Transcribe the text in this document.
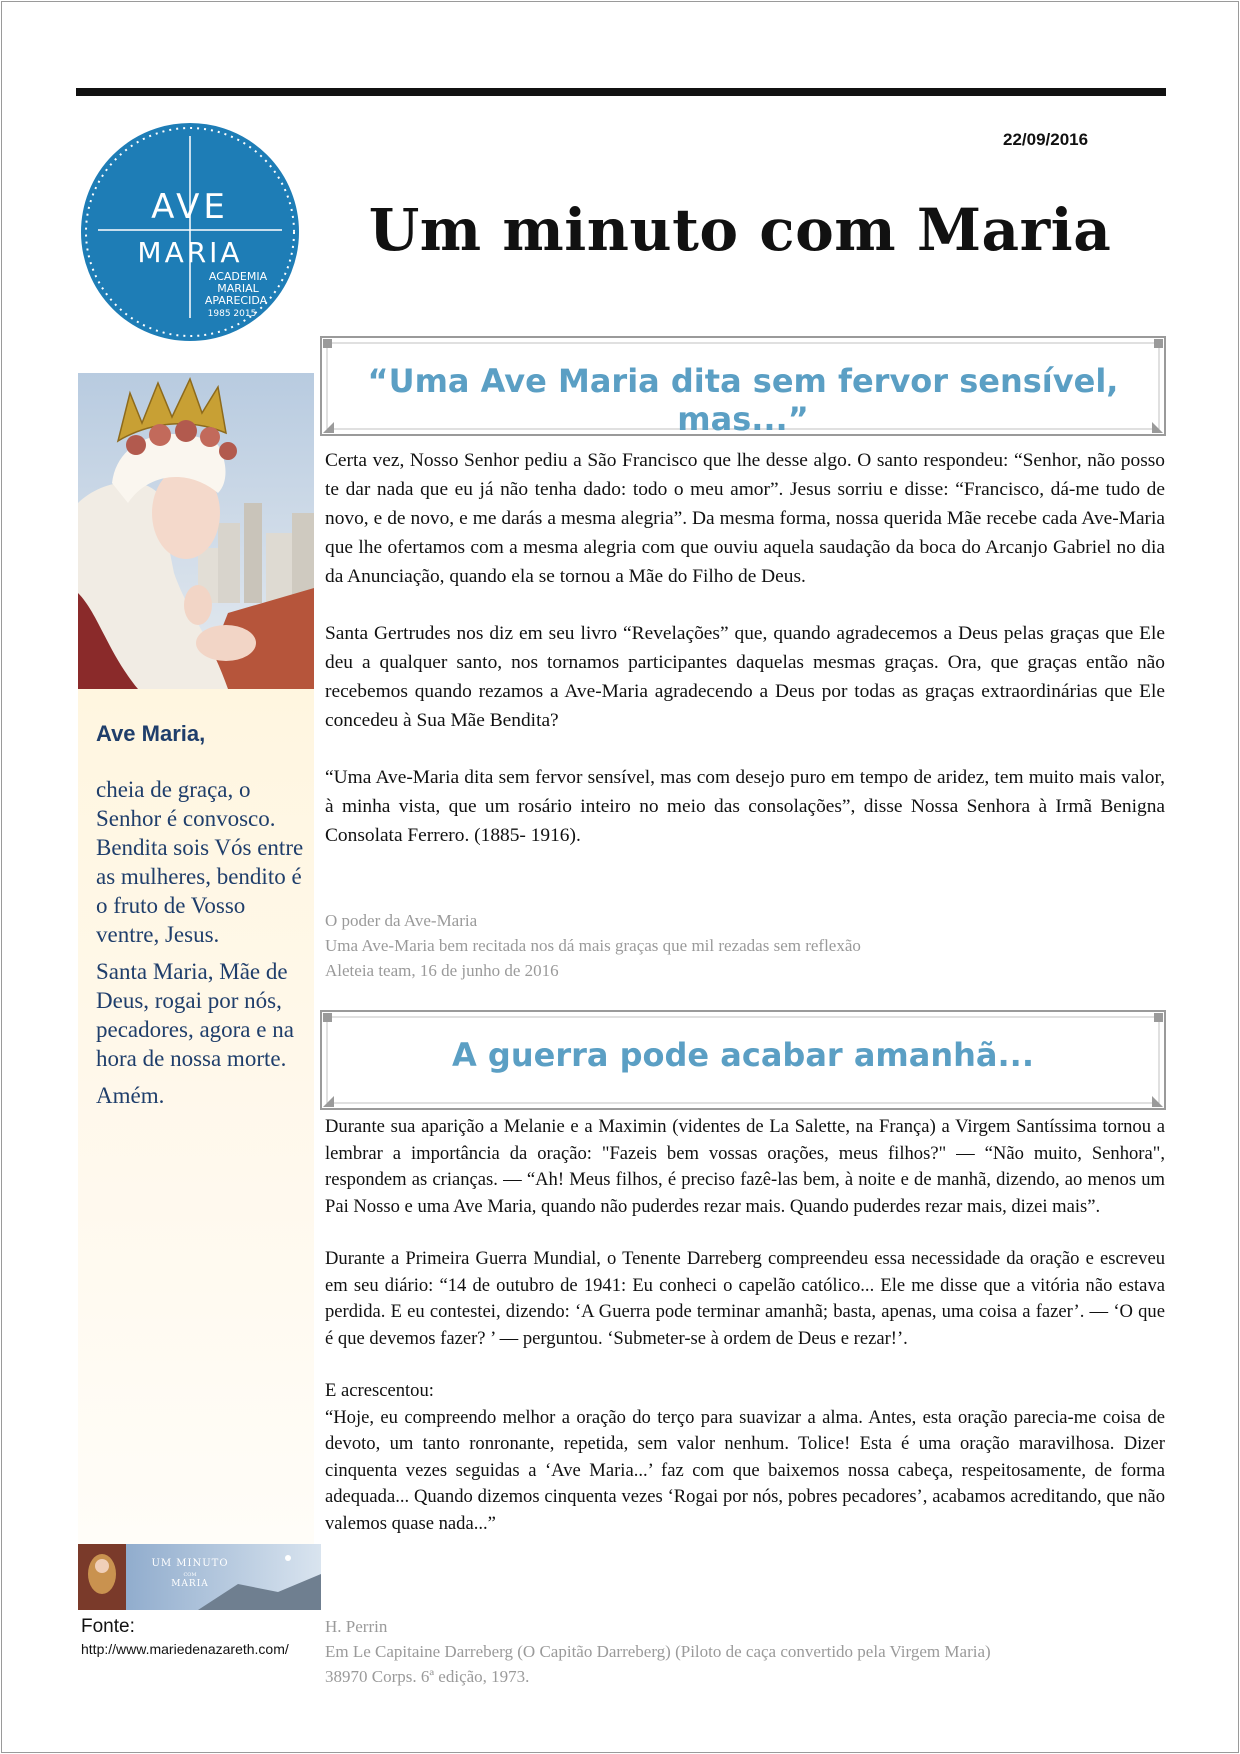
AVE
MARIA
ACADEMIA
MARIAL
APARECIDA
1985 2015
22/09/2016
Um minuto com Maria
Ave Maria,

cheia de graça, o Senhor é convosco. Bendita sois Vós entre as mulheres, bendito é o fruto de Vosso ventre, Jesus.

Santa Maria, Mãe de Deus, rogai por nós, pecadores, agora e na hora de nossa morte.

Amém.

UM MINUTO
COM
MARIA
Fonte:
http://www.mariedenazareth.com/
“Uma Ave Maria dita sem fervor sensível, mas...”

Certa vez, Nosso Senhor pediu a São Francisco que lhe desse algo. O santo respondeu: “Senhor, não posso te dar nada que eu já não tenha dado: todo o meu amor”. Jesus sorriu e disse: “Francisco, dá-me tudo de novo, e de novo, e me darás a mesma alegria”. Da mesma forma, nossa querida Mãe recebe cada Ave-Maria que lhe ofertamos com a mesma alegria com que ouviu aquela saudação da boca do Arcanjo Gabriel no dia da Anunciação, quando ela se tornou a Mãe do Filho de Deus.

Santa Gertrudes nos diz em seu livro “Revelações” que, quando agradecemos a Deus pelas graças que Ele deu a qualquer santo, nos tornamos participantes daquelas mesmas graças. Ora, que graças então não recebemos quando rezamos a Ave-Maria agradecendo a Deus por todas as graças extraordinárias que Ele concedeu à Sua Mãe Bendita?

“Uma Ave-Maria dita sem fervor sensível, mas com desejo puro em tempo de aridez, tem muito mais valor, à minha vista, que um rosário inteiro no meio das consolações”, disse Nossa Senhora à Irmã Benigna Consolata Ferrero. (1885- 1916).

O poder da Ave-Maria
Uma Ave-Maria bem recitada nos dá mais graças que mil rezadas sem reflexão
Aleteia team, 16 de junho de 2016
A guerra pode acabar amanhã...

Durante sua aparição a Melanie e a Maximin (videntes de La Salette, na França) a Virgem Santíssima tornou a lembrar a importância da oração: "Fazeis bem vossas orações, meus filhos?" — “Não muito, Senhora", respondem as crianças. — “Ah! Meus filhos, é preciso fazê-las bem, à noite e de manhã, dizendo, ao menos um Pai Nosso e uma Ave Maria, quando não puderdes rezar mais. Quando puderdes rezar mais, dizei mais”.

Durante a Primeira Guerra Mundial, o Tenente Darreberg compreendeu essa necessidade da oração e escreveu em seu diário: “14 de outubro de 1941: Eu conheci o capelão católico... Ele me disse que a vitória não estava perdida. E eu contestei, dizendo: ‘A Guerra pode terminar amanhã; basta, apenas, uma coisa a fazer’. — ‘O que é que devemos fazer? ’ — perguntou. ‘Submeter-se à ordem de Deus e rezar!’.

E acrescentou:

“Hoje, eu compreendo melhor a oração do terço para suavizar a alma. Antes, esta oração parecia-me coisa de devoto, um tanto ronronante, repetida, sem valor nenhum. Tolice! Esta é uma oração maravilhosa. Dizer cinquenta vezes seguidas a ‘Ave Maria...’ faz com que baixemos nossa cabeça, respeitosamente, de forma adequada... Quando dizemos cinquenta vezes ‘Rogai por nós, pobres pecadores’, acabamos acreditando, que não valemos quase nada...”

H. Perrin
Em Le Capitaine Darreberg (O Capitão Darreberg) (Piloto de caça convertido pela Virgem Maria)
38970 Corps. 6ª edição, 1973.
